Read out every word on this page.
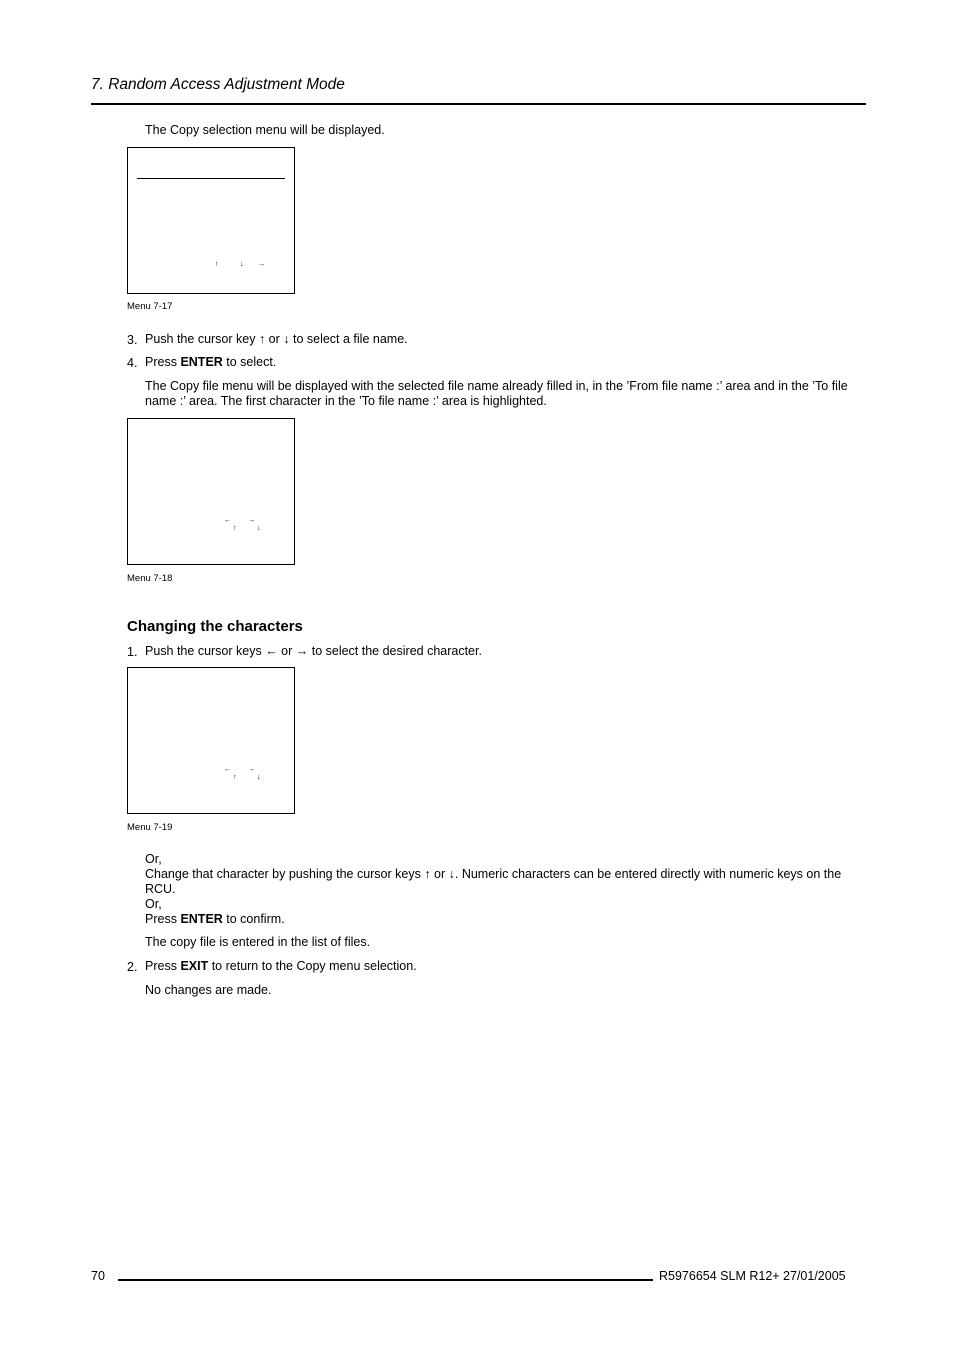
7. Random Access Adjustment Mode
The Copy selection menu will be displayed.
↑	↓ →
Menu 7-17
3. Push the cursor key ↑ or ↓ to select a file name.
4. Press ENTER to select.
The Copy file menu will be displayed with the selected file name already filled in, in the ’From file name :’ area and in the ’To file
name :’ area. The first character in the ’To file name :’ area is highlighted.
← →
↑	↓
Menu 7-18
Changing the characters
1. Push the cursor keys ← or → to select the desired character.
← →
↑	↓
Menu 7-19
Or,
Change that character by pushing the cursor keys ↑ or ↓. Numeric characters can be entered directly with numeric keys on the
RCU.
Or,
Press ENTER to confirm.
The copy file is entered in the list of files.
2. Press EXIT to return to the Copy menu selection.
No changes are made.
70	R5976654 SLM R12+ 27/01/2005
